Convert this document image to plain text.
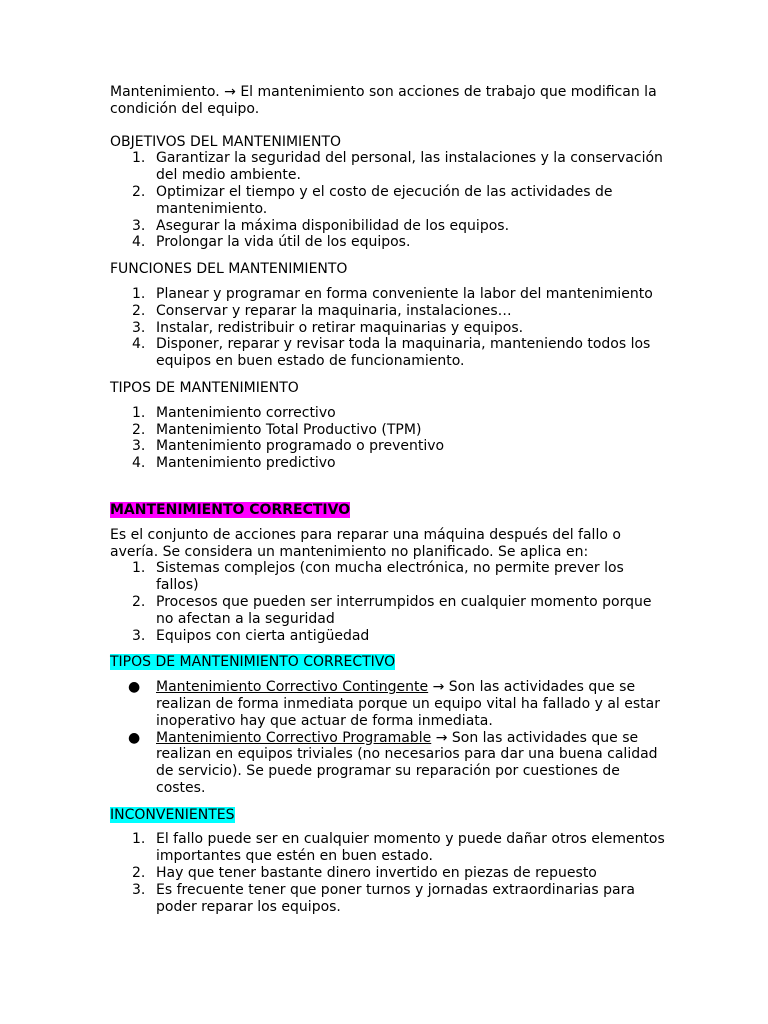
Mantenimiento. → El mantenimiento son acciones de trabajo que modifican la condición del equipo.

OBJETIVOS DEL MANTENIMIENTO

1. Garantizar la seguridad del personal, las instalaciones y la conservación del medio ambiente.
2. Optimizar el tiempo y el costo de ejecución de las actividades de mantenimiento.
3. Asegurar la máxima disponibilidad de los equipos.
4. Prolongar la vida útil de los equipos.

FUNCIONES DEL MANTENIMIENTO

1. Planear y programar en forma conveniente la labor del mantenimiento
2. Conservar y reparar la maquinaria, instalaciones…
3. Instalar, redistribuir o retirar maquinarias y equipos.
4. Disponer, reparar y revisar toda la maquinaria, manteniendo todos los equipos en buen estado de funcionamiento.

TIPOS DE MANTENIMIENTO

1. Mantenimiento correctivo
2. Mantenimiento Total Productivo (TPM)
3. Mantenimiento programado o preventivo
4. Mantenimiento predictivo

MANTENIMIENTO CORRECTIVO

Es el conjunto de acciones para reparar una máquina después del fallo o avería. Se considera un mantenimiento no planificado. Se aplica en:

1. Sistemas complejos (con mucha electrónica, no permite prever los fallos)
2. Procesos que pueden ser interrumpidos en cualquier momento porque no afectan a la seguridad
3. Equipos con cierta antigüedad

TIPOS DE MANTENIMIENTO CORRECTIVO

● Mantenimiento Correctivo Contingente → Son las actividades que se realizan de forma inmediata porque un equipo vital ha fallado y al estar inoperativo hay que actuar de forma inmediata.
● Mantenimiento Correctivo Programable → Son las actividades que se realizan en equipos triviales (no necesarios para dar una buena calidad de servicio). Se puede programar su reparación por cuestiones de costes.

INCONVENIENTES

1. El fallo puede ser en cualquier momento y puede dañar otros elementos importantes que estén en buen estado.
2. Hay que tener bastante dinero invertido en piezas de repuesto
3. Es frecuente tener que poner turnos y jornadas extraordinarias para poder reparar los equipos.
